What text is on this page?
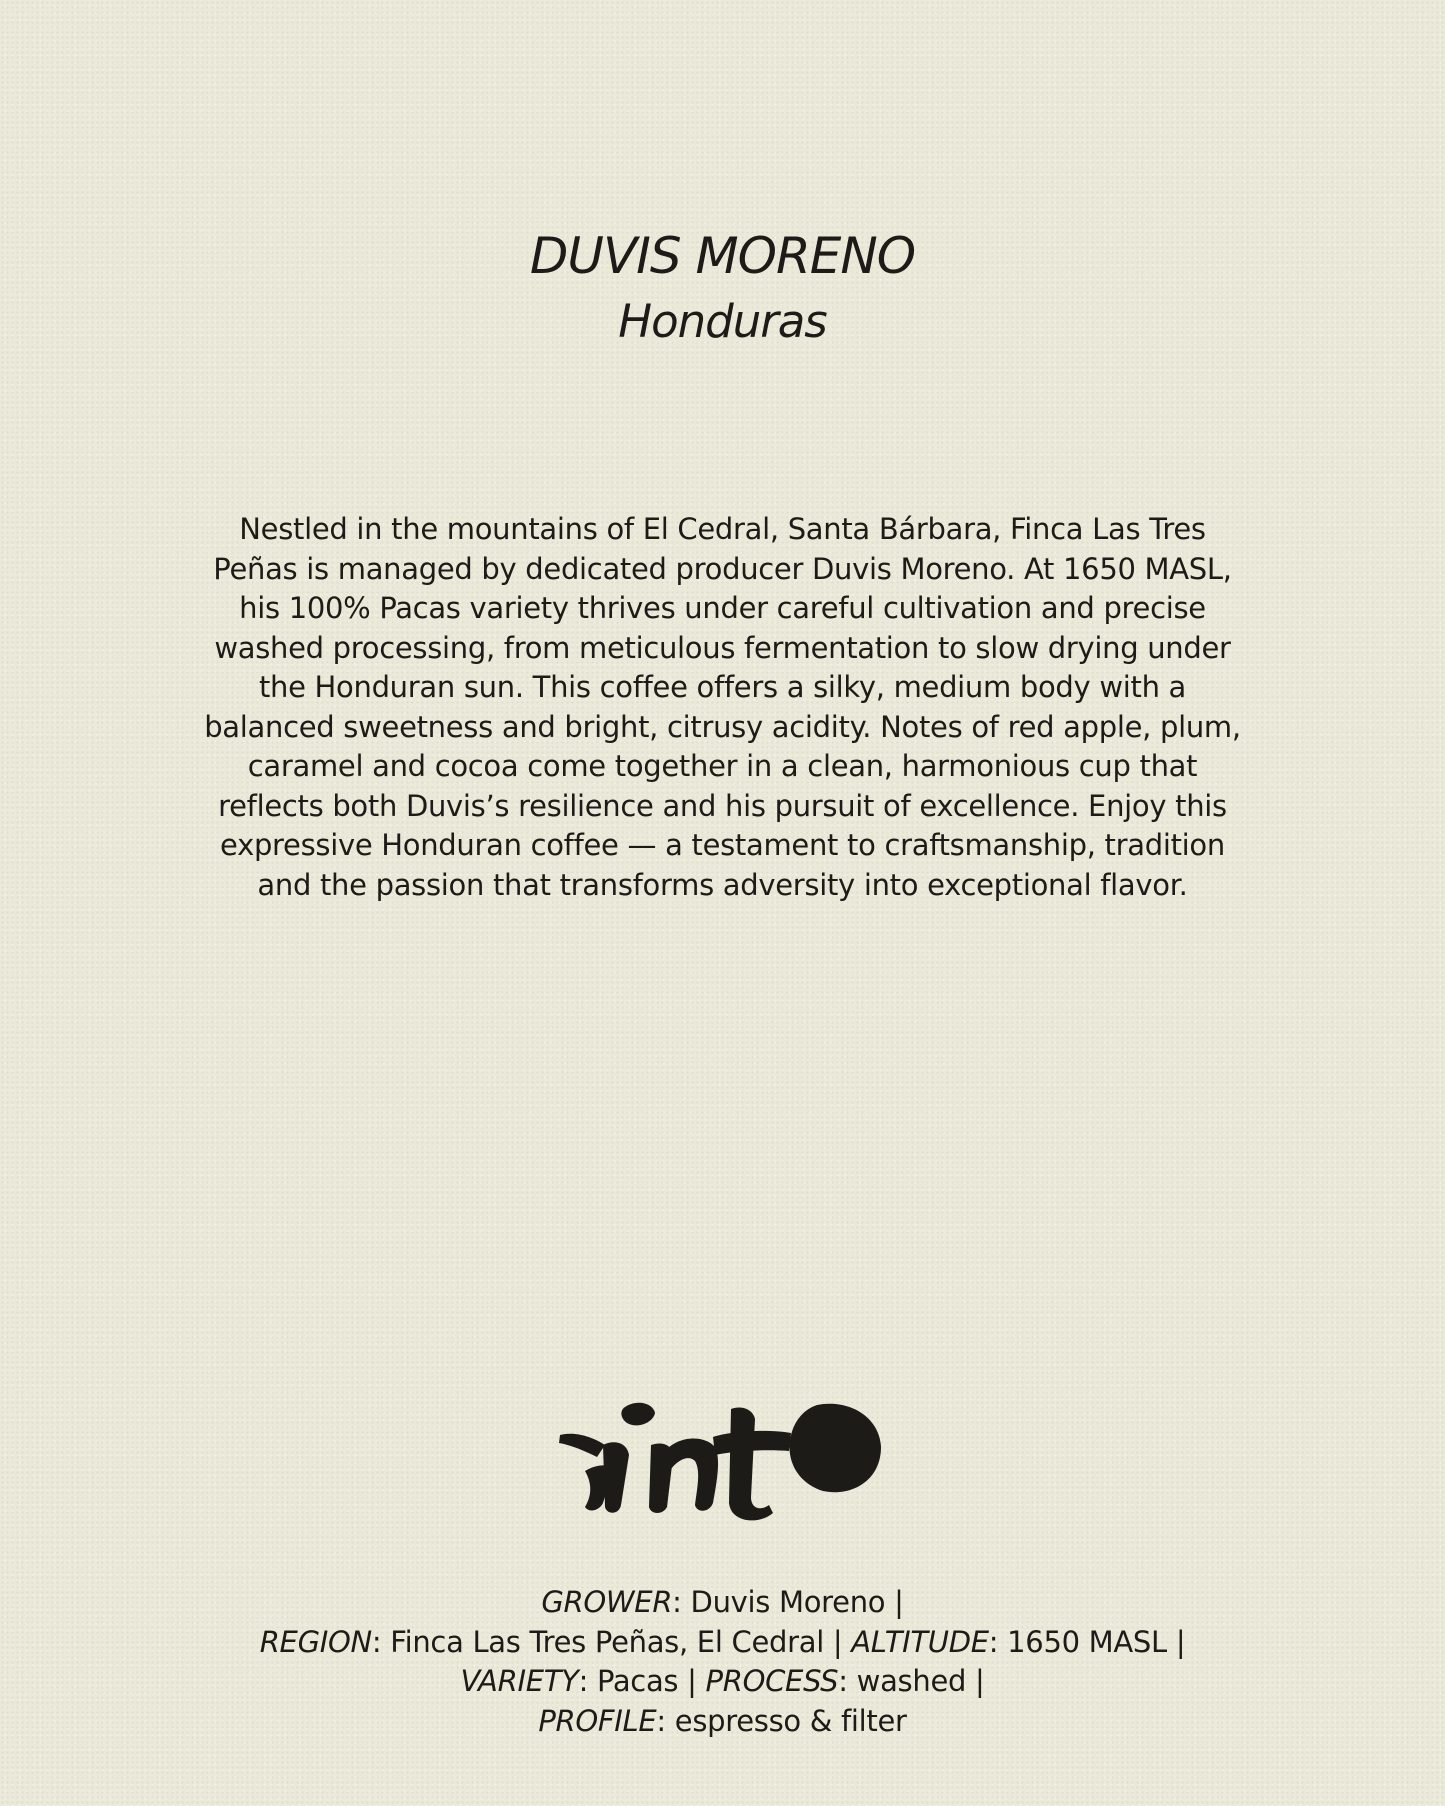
DUVIS MORENO
Honduras

Nestled in the mountains of El Cedral, Santa Bárbara, Finca Las Tres Peñas is managed by dedicated producer Duvis Moreno. At 1650 MASL, his 100% Pacas variety thrives under careful cultivation and precise washed processing, from meticulous fermentation to slow drying under the Honduran sun. This coffee offers a silky, medium body with a balanced sweetness and bright, citrusy acidity. Notes of red apple, plum, caramel and cocoa come together in a clean, harmonious cup that reflects both Duvis’s resilience and his pursuit of excellence. Enjoy this expressive Honduran coffee — a testament to craftsmanship, tradition and the passion that transforms adversity into exceptional flavor.

GROWER: Duvis Moreno |
REGION: Finca Las Tres Peñas, El Cedral | ALTITUDE: 1650 MASL |
VARIETY: Pacas | PROCESS: washed |
PROFILE: espresso & filter
